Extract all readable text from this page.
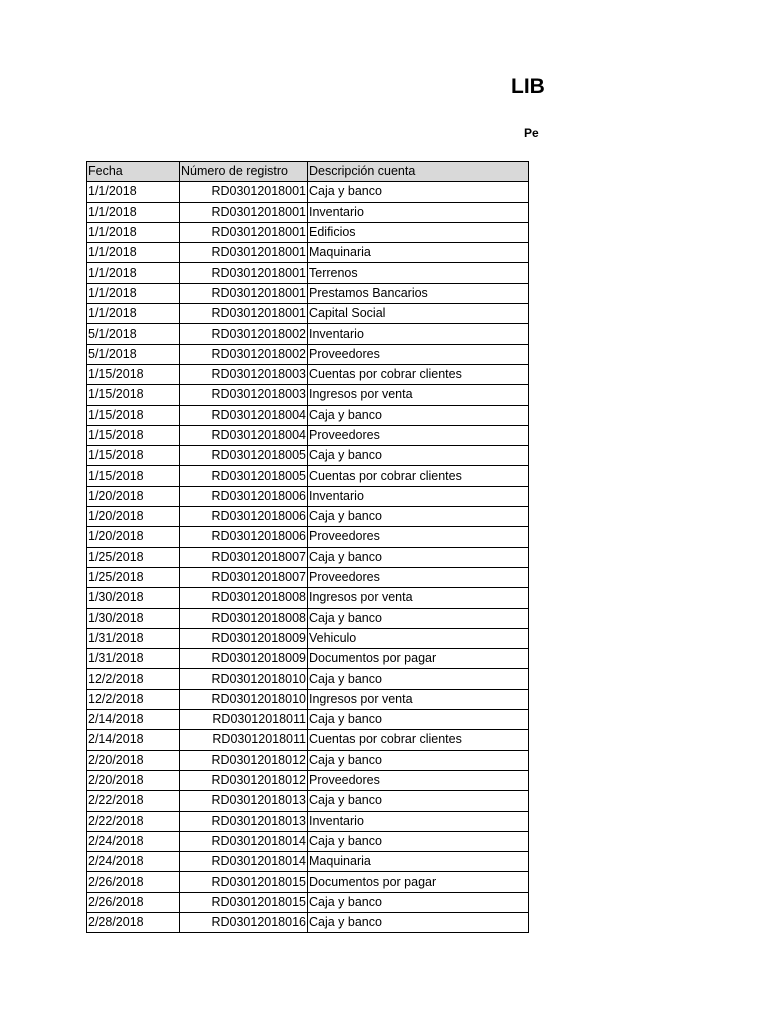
LIB
Pe
Fecha	Número de registro	Descripción cuenta
1/1/2018	RD03012018001	Caja y banco
1/1/2018	RD03012018001	Inventario
1/1/2018	RD03012018001	Edificios
1/1/2018	RD03012018001	Maquinaria
1/1/2018	RD03012018001	Terrenos
1/1/2018	RD03012018001	Prestamos Bancarios
1/1/2018	RD03012018001	Capital Social
5/1/2018	RD03012018002	Inventario
5/1/2018	RD03012018002	Proveedores
1/15/2018	RD03012018003	Cuentas por cobrar clientes
1/15/2018	RD03012018003	Ingresos por venta
1/15/2018	RD03012018004	Caja y banco
1/15/2018	RD03012018004	Proveedores
1/15/2018	RD03012018005	Caja y banco
1/15/2018	RD03012018005	Cuentas por cobrar clientes
1/20/2018	RD03012018006	Inventario
1/20/2018	RD03012018006	Caja y banco
1/20/2018	RD03012018006	Proveedores
1/25/2018	RD03012018007	Caja y banco
1/25/2018	RD03012018007	Proveedores
1/30/2018	RD03012018008	Ingresos por venta
1/30/2018	RD03012018008	Caja y banco
1/31/2018	RD03012018009	Vehiculo
1/31/2018	RD03012018009	Documentos por pagar
12/2/2018	RD03012018010	Caja y banco
12/2/2018	RD03012018010	Ingresos por venta
2/14/2018	RD03012018011	Caja y banco
2/14/2018	RD03012018011	Cuentas por cobrar clientes
2/20/2018	RD03012018012	Caja y banco
2/20/2018	RD03012018012	Proveedores
2/22/2018	RD03012018013	Caja y banco
2/22/2018	RD03012018013	Inventario
2/24/2018	RD03012018014	Caja y banco
2/24/2018	RD03012018014	Maquinaria
2/26/2018	RD03012018015	Documentos por pagar
2/26/2018	RD03012018015	Caja y banco
2/28/2018	RD03012018016	Caja y banco
